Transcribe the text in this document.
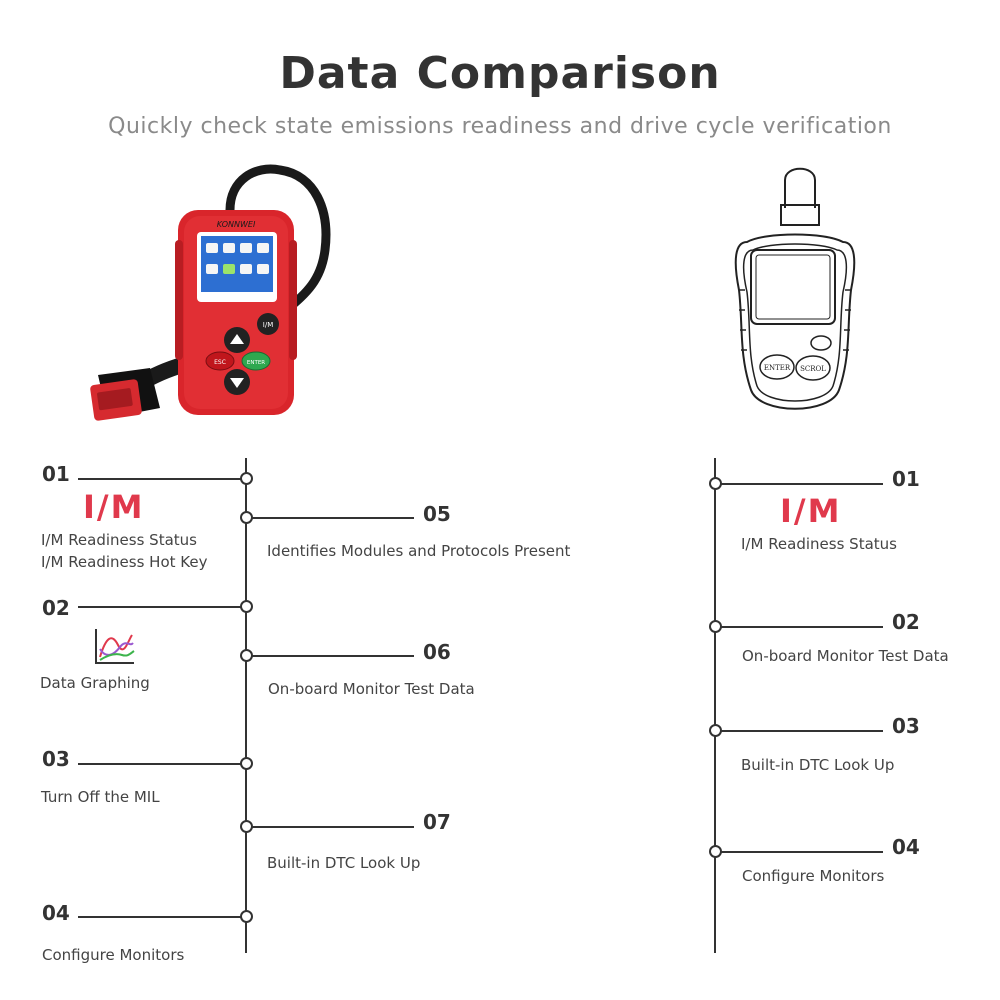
Data Comparison
Quickly check state emissions readiness and drive cycle verification
KONNWEI
I/M
ESC	ENTER
ENTER SCROL
01
I/M
I/M Readiness Status
I/M Readiness Hot Key
05
Identifies Modules and Protocols Present
02
Data Graphing
06
On-board Monitor Test Data
03
Turn Off the MIL
07
Built-in DTC Look Up
04
Configure Monitors
01
I/M
I/M Readiness Status
02
On-board Monitor Test Data
03
Built-in DTC Look Up
04
Configure Monitors
